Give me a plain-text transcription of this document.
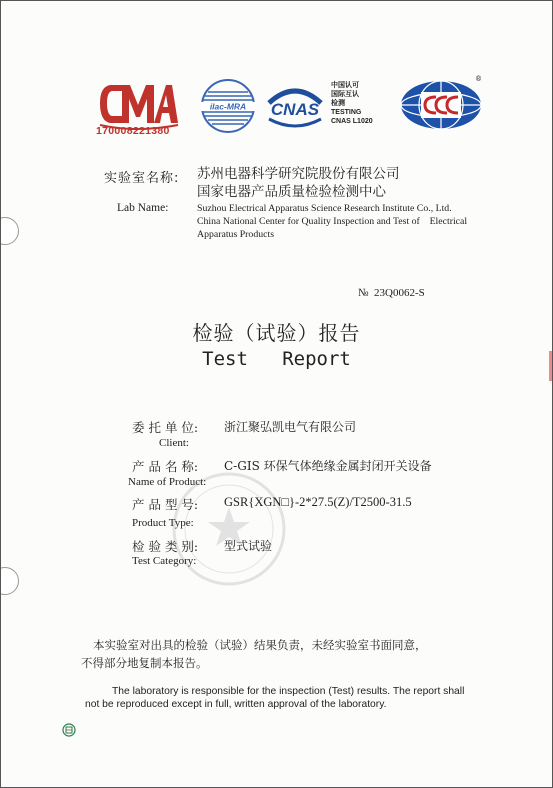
170008221380
ilac-MRA CNAS
中国认可
国际互认
检测
TESTING
CNAS L1020
®
实验室名称: 苏州电器科学研究院股份有限公司
国家电器产品质量检验检测中心
Lab Name:	Suzhou Electrical Apparatus Science Research Institute Co., Ltd.
China National Center for Quality Inspection and Test of    Electrical
Apparatus Products
№  23Q0062-S
检验（试验）报告
Test   Report
委 托 单 位: 浙江聚弘凯电气有限公司
Client:
产 品 名 称: C-GIS 环保气体绝缘金属封闭开关设备
Name of Product:
产 品 型 号: GSR{XGN□}-2*27.5(Z)/T2500-31.5
Product Type:
检 验 类 别: 型式试验
Test Category:
本实验室对出具的检验（试验）结果负责，未经实验室书面同意，
不得部分地复制本报告。
The laboratory is responsible for the inspection (Test) results. The report shall
not be reproduced except in full, written approval of the laboratory.
